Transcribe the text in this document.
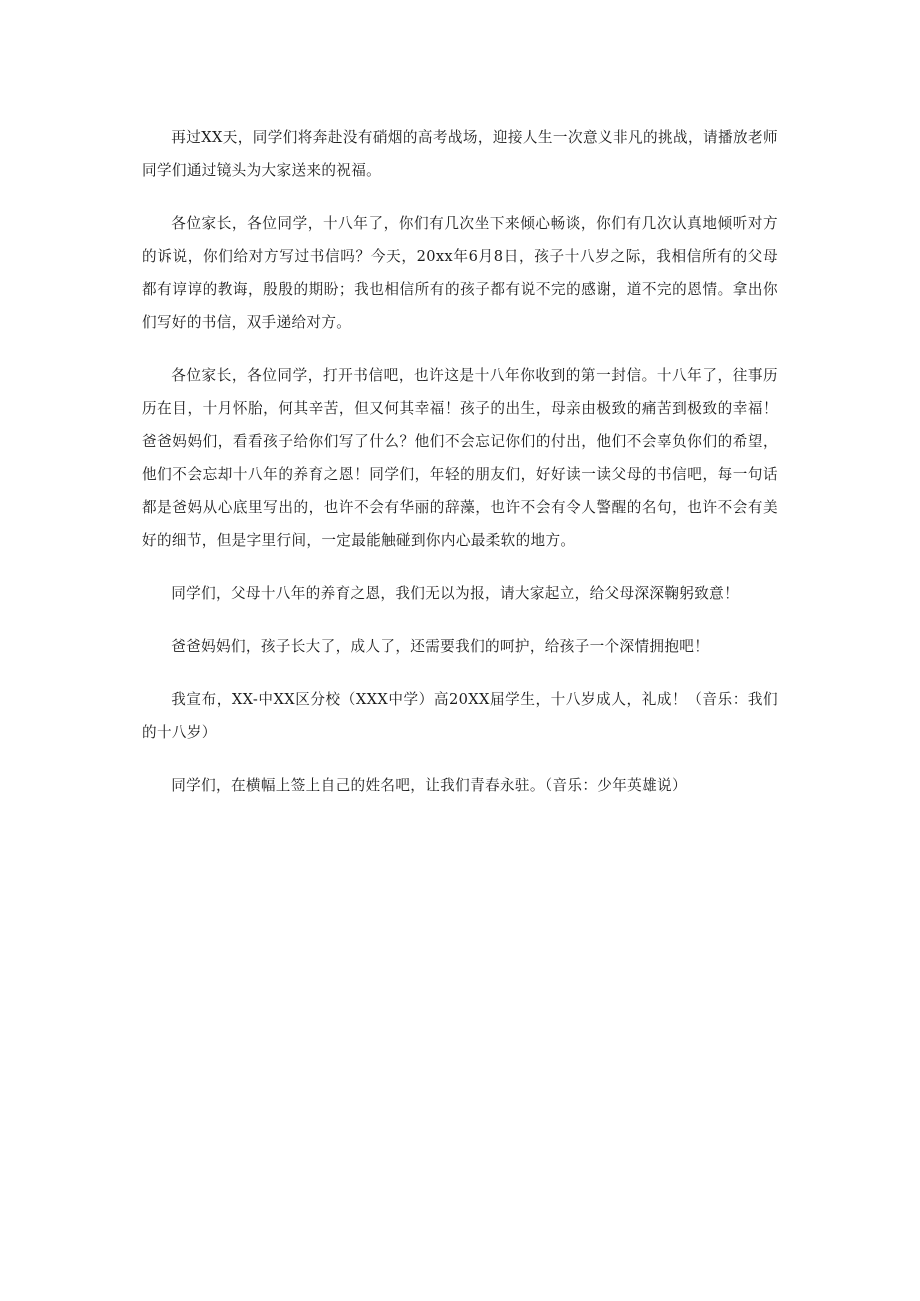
再过XX天，同学们将奔赴没有硝烟的高考战场，迎接人生一次意义非凡的挑战，请播放老师同学们通过镜头为大家送来的祝福。

各位家长，各位同学，十八年了，你们有几次坐下来倾心畅谈，你们有几次认真地倾听对方的诉说，你们给对方写过书信吗？今天，20xx年6月8日，孩子十八岁之际，我相信所有的父母都有谆谆的教诲，殷殷的期盼；我也相信所有的孩子都有说不完的感谢，道不完的恩情。拿出你们写好的书信，双手递给对方。

各位家长，各位同学，打开书信吧，也许这是十八年你收到的第一封信。十八年了，往事历历在目，十月怀胎，何其辛苦，但又何其幸福！孩子的出生，母亲由极致的痛苦到极致的幸福！爸爸妈妈们，看看孩子给你们写了什么？他们不会忘记你们的付出，他们不会辜负你们的希望，他们不会忘却十八年的养育之恩！同学们，年轻的朋友们，好好读一读父母的书信吧，每一句话都是爸妈从心底里写出的，也许不会有华丽的辞藻，也许不会有令人警醒的名句，也许不会有美好的细节，但是字里行间，一定最能触碰到你内心最柔软的地方。

同学们，父母十八年的养育之恩，我们无以为报，请大家起立，给父母深深鞠躬致意！

爸爸妈妈们，孩子长大了，成人了，还需要我们的呵护，给孩子一个深情拥抱吧！

我宣布，XX-中XX区分校（XXX中学）高20XX届学生，十八岁成人，礼成！（音乐：我们的十八岁）

同学们，在横幅上签上自己的姓名吧，让我们青春永驻。（音乐：少年英雄说）
